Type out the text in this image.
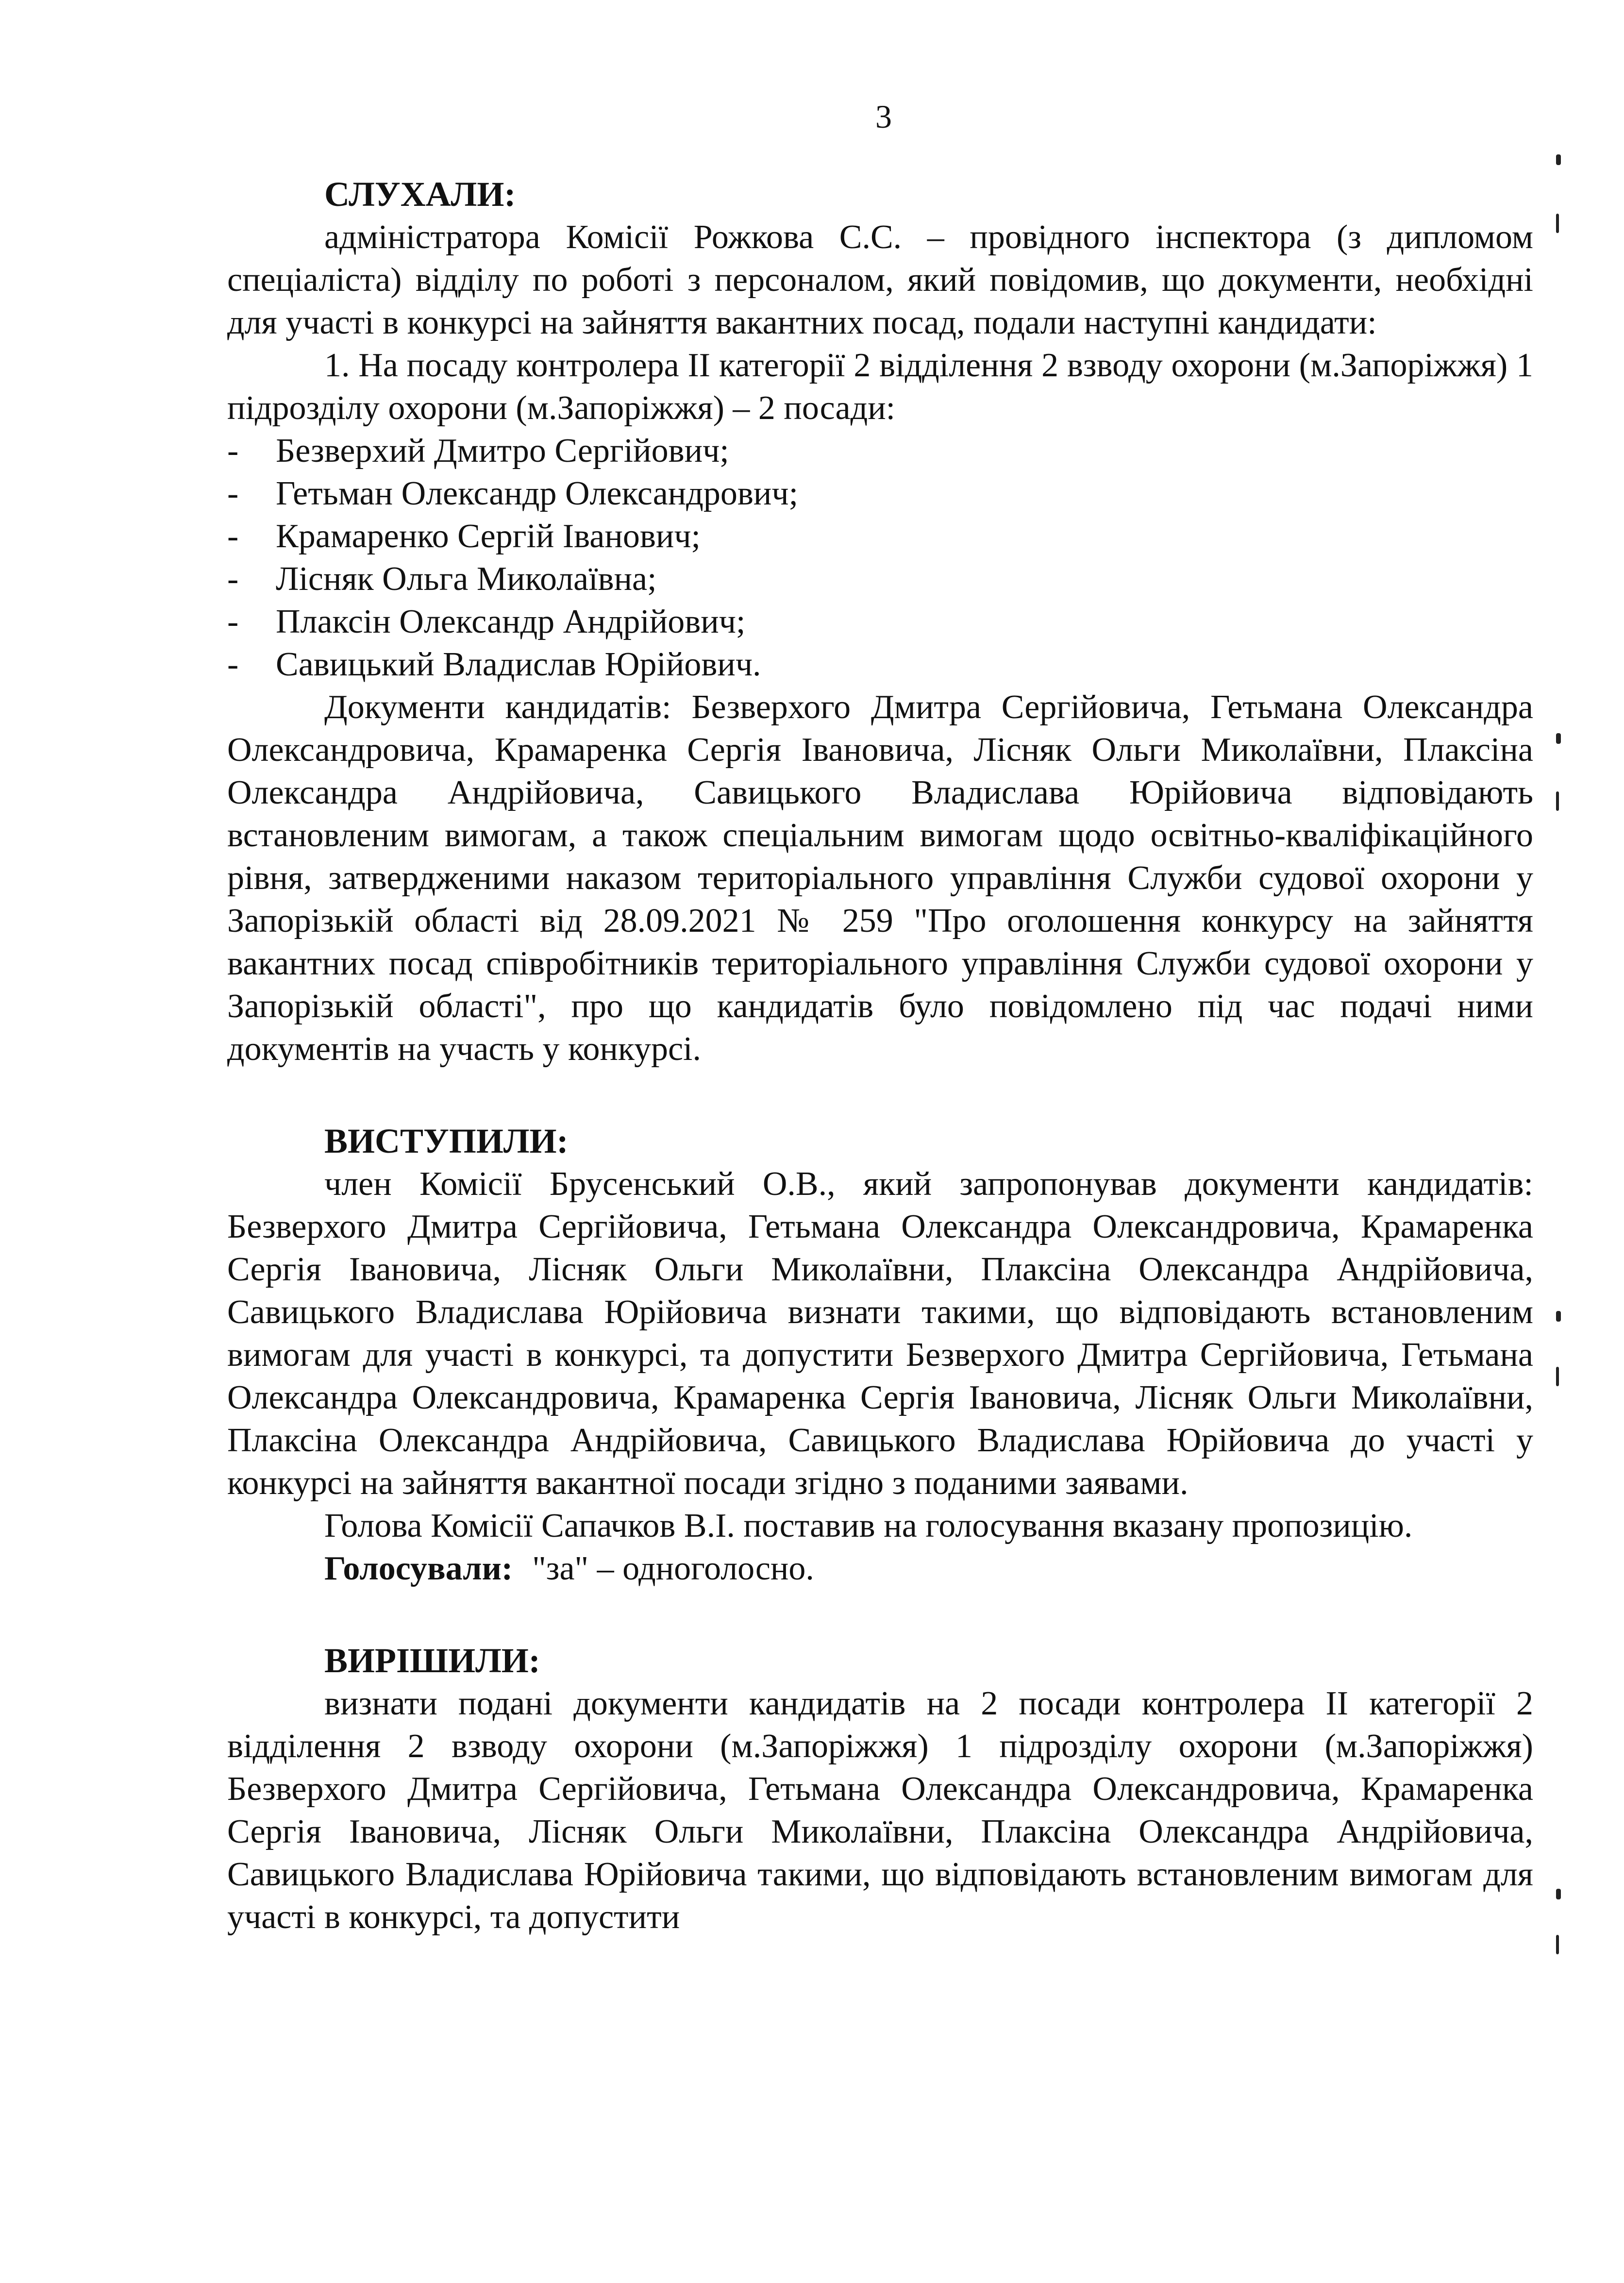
3
СЛУХАЛИ:

адміністратора Комісії Рожкова С.С. – провідного інспектора (з дипломом спеціаліста) відділу по роботі з персоналом, який повідомив, що документи, необхідні для участі в конкурсі на зайняття вакантних посад, подали наступні кандидати:

1. На посаду контролера ІІ категорії 2 відділення 2 взводу охорони (м.Запоріжжя) 1 підрозділу охорони (м.Запоріжжя) – 2 посади:

- Безверхий Дмитро Сергійович;
- Гетьман Олександр Олександрович;
- Крамаренко Сергій Іванович;
- Лісняк Ольга Миколаївна;
- Плаксін Олександр Андрійович;
- Савицький Владислав Юрійович.

Документи кандидатів: Безверхого Дмитра Сергійовича, Гетьмана Олександра Олександровича, Крамаренка Сергія Івановича, Лісняк Ольги Миколаївни, Плаксіна Олександра Андрійовича, Савицького Владислава Юрійовича відповідають встановленим вимогам, а також спеціальним вимогам щодо освітньо-кваліфікаційного рівня, затвердженими наказом територіального управління Служби судової охорони у Запорізькій області від 28.09.2021 № 259 "Про оголошення конкурсу на зайняття вакантних посад співробітників територіального управління Служби судової охорони у Запорізькій області", про що кандидатів було повідомлено під час подачі ними документів на участь у конкурсі.

ВИСТУПИЛИ:

член Комісії Брусенський О.В., який запропонував документи кандидатів: Безверхого Дмитра Сергійовича, Гетьмана Олександра Олександровича, Крамаренка Сергія Івановича, Лісняк Ольги Миколаївни, Плаксіна Олександра Андрійовича, Савицького Владислава Юрійовича визнати такими, що відповідають встановленим вимогам для участі в конкурсі, та допустити Безверхого Дмитра Сергійовича, Гетьмана Олександра Олександровича, Крамаренка Сергія Івановича, Лісняк Ольги Миколаївни, Плаксіна Олександра Андрійовича, Савицького Владислава Юрійовича до участі у конкурсі на зайняття вакантної посади згідно з поданими заявами.

Голова Комісії Сапачков В.І. поставив на голосування вказану пропозицію.

Голосували: "за" – одноголосно.

ВИРІШИЛИ:

визнати подані документи кандидатів на 2 посади контролера ІІ категорії 2 відділення 2 взводу охорони (м.Запоріжжя) 1 підрозділу охорони (м.Запоріжжя) Безверхого Дмитра Сергійовича, Гетьмана Олександра Олександровича, Крамаренка Сергія Івановича, Лісняк Ольги Миколаївни, Плаксіна Олександра Андрійовича, Савицького Владислава Юрійовича такими, що відповідають встановленим вимогам для участі в конкурсі, та допустити
